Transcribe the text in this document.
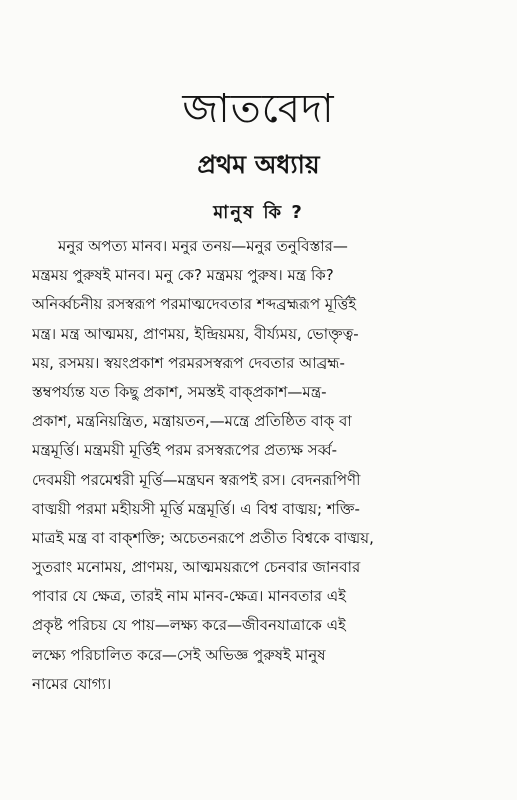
জাতবেদা
প্রথম অধ্যায়
মানুষ কি ?
মনুর অপত্য মানব। মনুর তনয়—মনুর তনুবিস্তার—
মন্ত্রময় পুরুষই মানব। মনু কে? মন্ত্রময় পুরুষ। মন্ত্র কি?
অনির্ব্বচনীয় রসস্বরূপ পরমাত্মদেবতার শব্দব্রহ্মরূপ মূর্ত্তিই
মন্ত্র। মন্ত্র আত্মময়, প্রাণময়, ইন্দ্রিয়ময়, বীর্য্যময়, ভোক্তৃত্ব-
ময়, রসময়। স্বয়ংপ্রকাশ পরমরসস্বরূপ দেবতার আব্রহ্ম-
স্তম্বপর্য্যন্ত যত কিছু প্রকাশ, সমস্তই বাক্‌প্রকাশ—মন্ত্র-
প্রকাশ, মন্ত্রনিয়ন্ত্রিত, মন্ত্রায়তন,—মন্ত্রে প্রতিষ্ঠিত বাক্‌ বা
মন্ত্রমূর্ত্তি। মন্ত্রময়ী মূর্ত্তিই পরম রসস্বরূপের প্রত্যক্ষ সর্ব্ব-
দেবময়ী পরমেশ্বরী মূর্ত্তি—মন্ত্রঘন স্বরূপই রস। বেদনরূপিণী
বাঙ্ময়ী পরমা মহীয়সী মূর্ত্তি মন্ত্রমূর্ত্তি। এ বিশ্ব বাঙ্ময়; শক্তি-
মাত্রই মন্ত্র বা বাক্‌শক্তি; অচেতনরূপে প্রতীত বিশ্বকে বাঙ্ময়,
সুতরাং মনোময়, প্রাণময়, আত্মময়রূপে চেনবার জানবার
পাবার যে ক্ষেত্র, তারই নাম মানব-ক্ষেত্র। মানবতার এই
প্রকৃষ্ট পরিচয় যে পায়—লক্ষ্য করে—জীবনযাত্রাকে এই
লক্ষ্যে পরিচালিত করে—সেই অভিজ্ঞ পুরুষই মানুষ
নামের যোগ্য।
